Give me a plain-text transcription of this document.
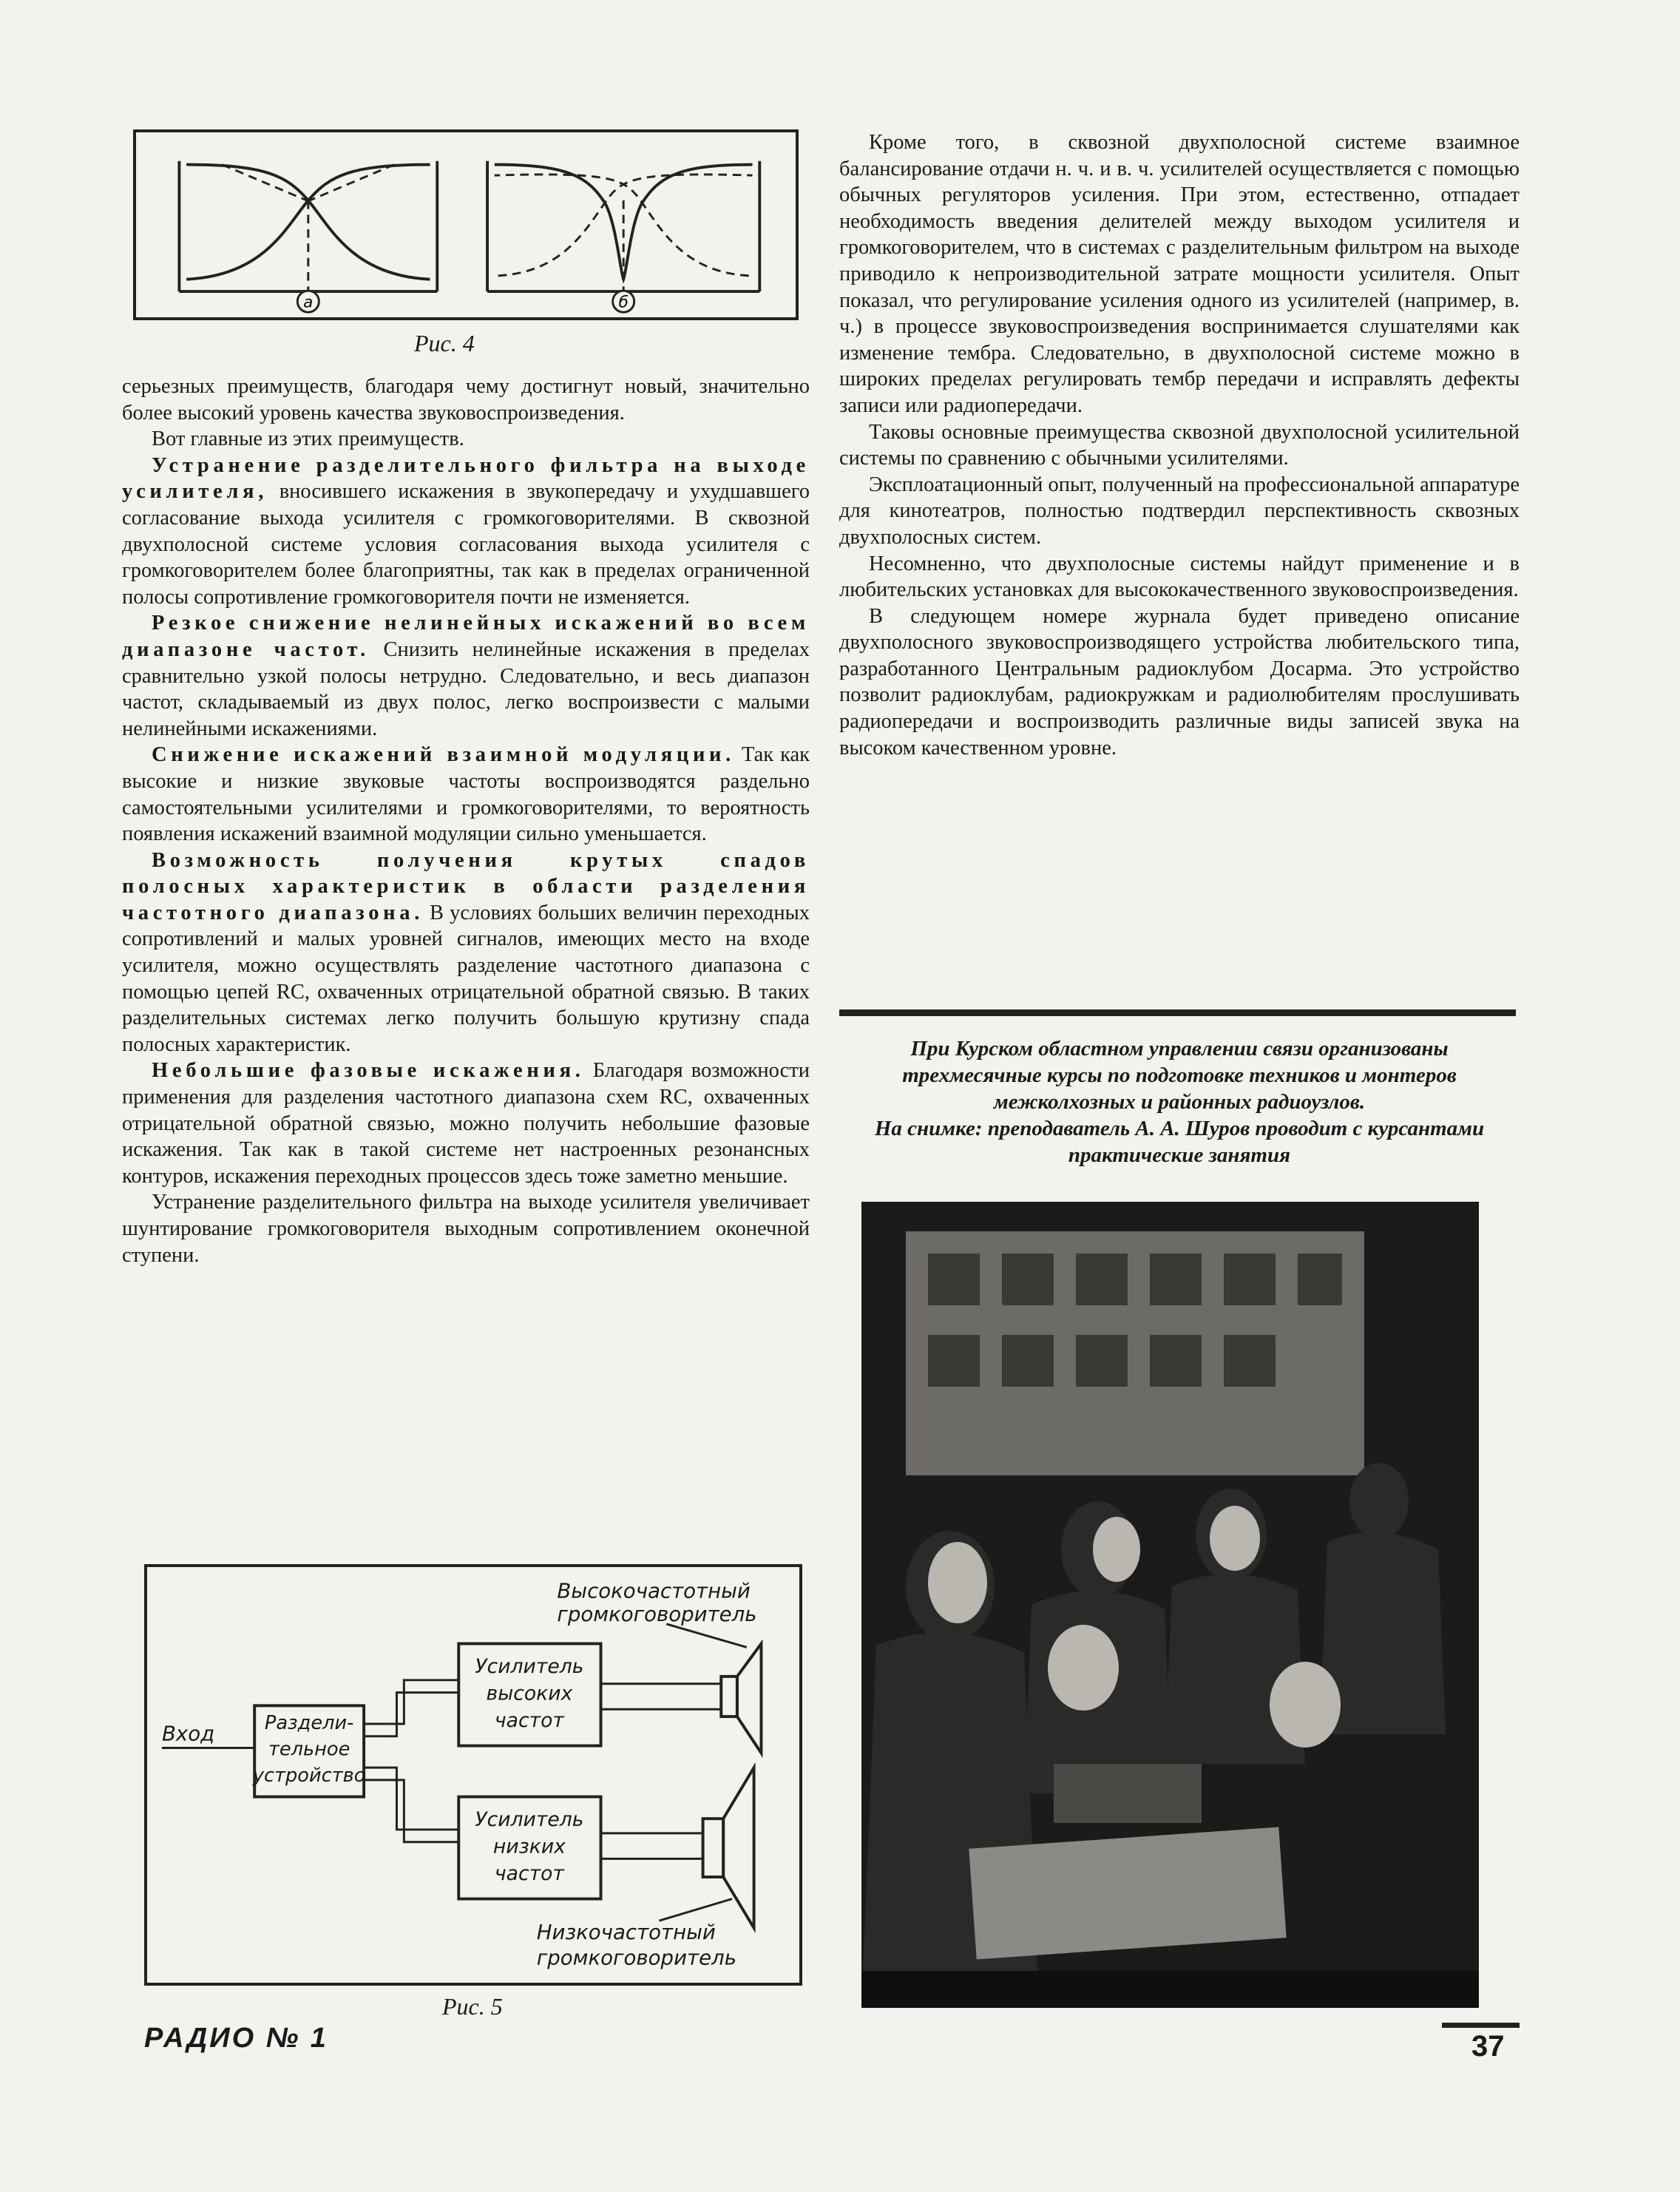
а	б
Рис. 4

серьезных преимуществ, благодаря чему достигнут новый, значительно более высокий уровень качества звуковоспроизведения.

Вот главные из этих преимуществ.

Устранение разделительного фильтра на выходе усилителя, вносившего искажения в звукопередачу и ухудшавшего согласование выхода усилителя с громкоговорителями. В сквозной двухполосной системе условия согласования выхода усилителя с громкоговорителем более благоприятны, так как в пределах ограниченной полосы сопротивление громкоговорителя почти не изменяется.

Резкое снижение нелинейных искажений во всем диапазоне частот. Снизить нелинейные искажения в пределах сравнительно узкой полосы нетрудно. Следовательно, и весь диапазон частот, складываемый из двух полос, легко воспроизвести с малыми нелинейными искажениями.

Снижение искажений взаимной модуляции. Так как высокие и низкие звуковые частоты воспроизводятся раздельно самостоятельными усилителями и громкоговорителями, то вероятность появления искажений взаимной модуляции сильно уменьшается.

Возможность получения крутых спадов полосных характеристик в области разделения частотного диапазона. В условиях больших величин переходных сопротивлений и малых уровней сигналов, имеющих место на входе усилителя, можно осуществлять разделение частотного диапазона с помощью цепей RC, охваченных отрицательной обратной связью. В таких разделительных системах легко получить большую крутизну спада полосных характеристик.

Небольшие фазовые искажения. Благодаря возможности применения для разделения частотного диапазона схем RC, охваченных отрицательной обратной связью, можно получить небольшие фазовые искажения. Так как в такой системе нет настроенных резонансных контуров, искажения переходных процессов здесь тоже заметно меньшие.

Устранение разделительного фильтра на выходе усилителя увеличивает шунтирование громкоговорителя выходным сопротивлением оконечной ступени.

Высокочастотный
громкоговоритель
Вход
Низкочастотный
громкоговоритель
Раздели-
тельное
устройство
Усилитель
высоких
частот
Усилитель
низких
частот
Рис. 5

Кроме того, в сквозной двухполосной системе взаимное балансирование отдачи н. ч. и в. ч. усилителей осуществляется с помощью обычных регуляторов усиления. При этом, естественно, отпадает необходимость введения делителей между выходом усилителя и громкоговорителем, что в системах с разделительным фильтром на выходе приводило к непроизводительной затрате мощности усилителя. Опыт показал, что регулирование усиления одного из усилителей (например, в. ч.) в процессе звуковоспроизведения воспринимается слушателями как изменение тембра. Следовательно, в двухполосной системе можно в широких пределах регулировать тембр передачи и исправлять дефекты записи или радиопередачи.

Таковы основные преимущества сквозной двухполосной усилительной системы по сравнению с обычными усилителями.

Эксплоатационный опыт, полученный на профессиональной аппаратуре для кинотеатров, полностью подтвердил перспективность сквозных двухполосных систем.

Несомненно, что двухполосные системы найдут применение и в любительских установках для высококачественного звуковоспроизведения.

В следующем номере журнала будет приведено описание двухполосного звуковоспроизводящего устройства любительского типа, разработанного Центральным радиоклубом Досарма. Это устройство позволит радиоклубам, радиокружкам и радиолюбителям прослушивать радиопередачи и воспроизводить различные виды записей звука на высоком качественном уровне.

При Курском областном управлении связи организованы трехмесячные курсы по подготовке техников и монтеров межколхозных и районных радиоузлов.
На снимке: преподаватель А. А. Шуров проводит с курсантами практические занятия
РАДИО № 1	37
